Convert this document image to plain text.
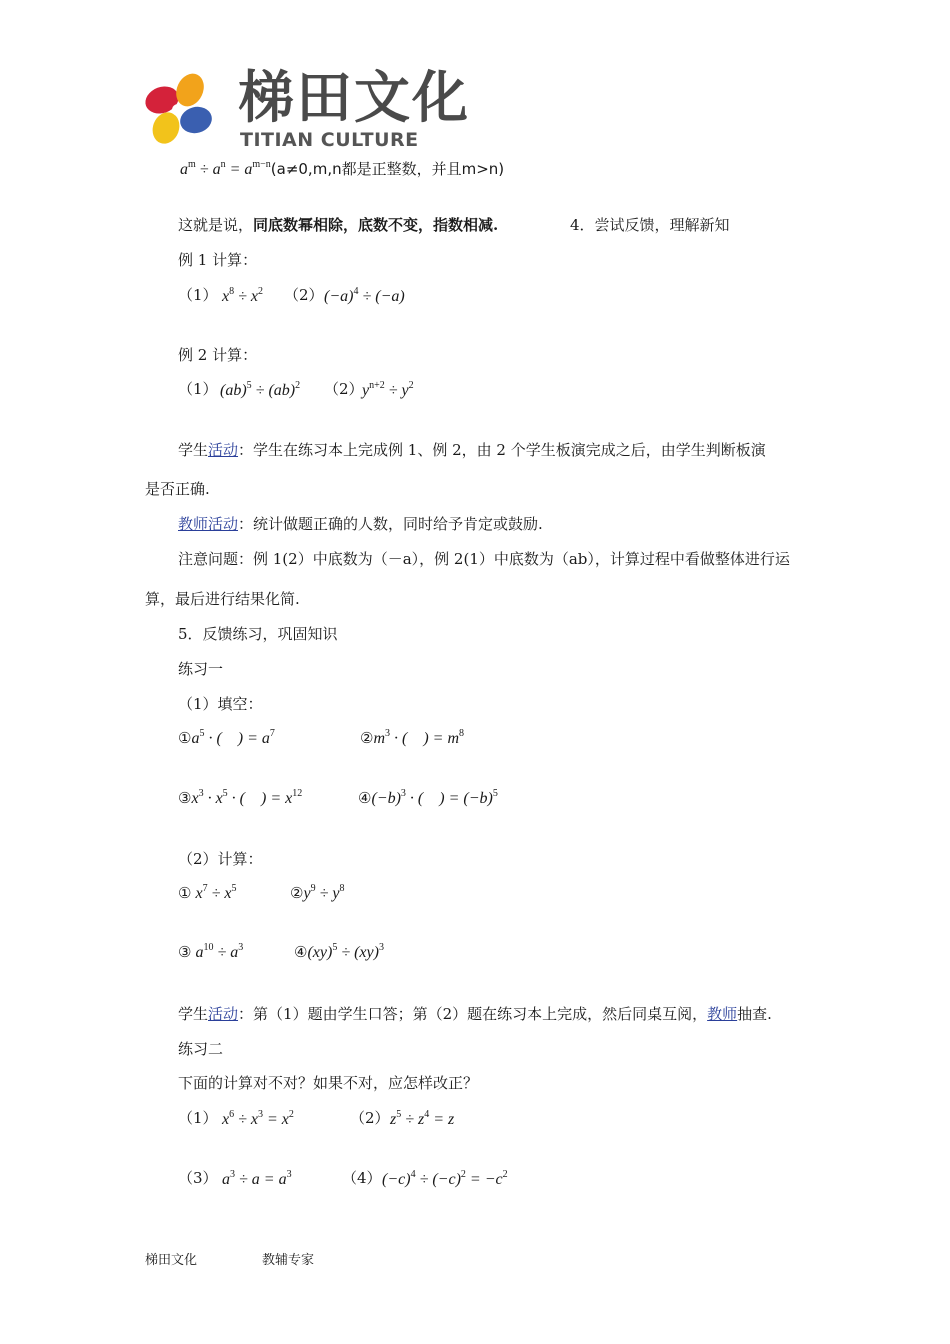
梯田文化
TITIAN CULTURE
$a^m \div a^n = a^{m-n}(a\ne 0,m,n$都是正整数，并且m>n)
这就是说，同底数幂相除，底数不变，指数相减.	4．尝试反馈，理解新知
例 1 计算：
（1） $x^8 \div x^2$ （2） $(-a)^4 \div (-a)$
例 2 计算：
（1） (ab)$^5$ ÷ (ab)$^2$ （2）
$y^{n+2} \div y^2$
学生活动：学生在练习本上完成例 1、例 2，由 2 个学生板演完成之后，由学生判断板演
是否正确.
教师活动：统计做题正确的人数，同时给予肯定或鼓励.
注意问题：例 1(2）中底数为（－a），例 2(1）中底数为（ab），计算过程中看做整体进行运
算，最后进行结果化简.
5．反馈练习，巩固知识
练习一
（1）填空：
$①a^5$ · (    ) = $a^7$	$②m^3$ · (    ) = $m^8$
$③x^3 \cdot x^5$ · (    ) = $x^{12}$	$④(-b)^3$ · (    ) = $(-b)^5$
（2）计算：
① $x^7 \div x^5$	$②y^9 \div y^8$
③ $a^{10} \div a^3$	④(xy)$^5$ ÷ (xy)$^3$
学生活动：第（1）题由学生口答；第（2）题在练习本上完成，然后同桌互阅，教师抽查.
练习二
下面的计算对不对？如果不对，应怎样改正？
（1） $x^6 \div x^3 = x^2$	（2） $z^5 \div z^4 = z$
（3） $a^3 \div a = a^3$	（4） $(-c)^4 \div (-c)^2 = -c^2$
梯田文化	教辅专家
